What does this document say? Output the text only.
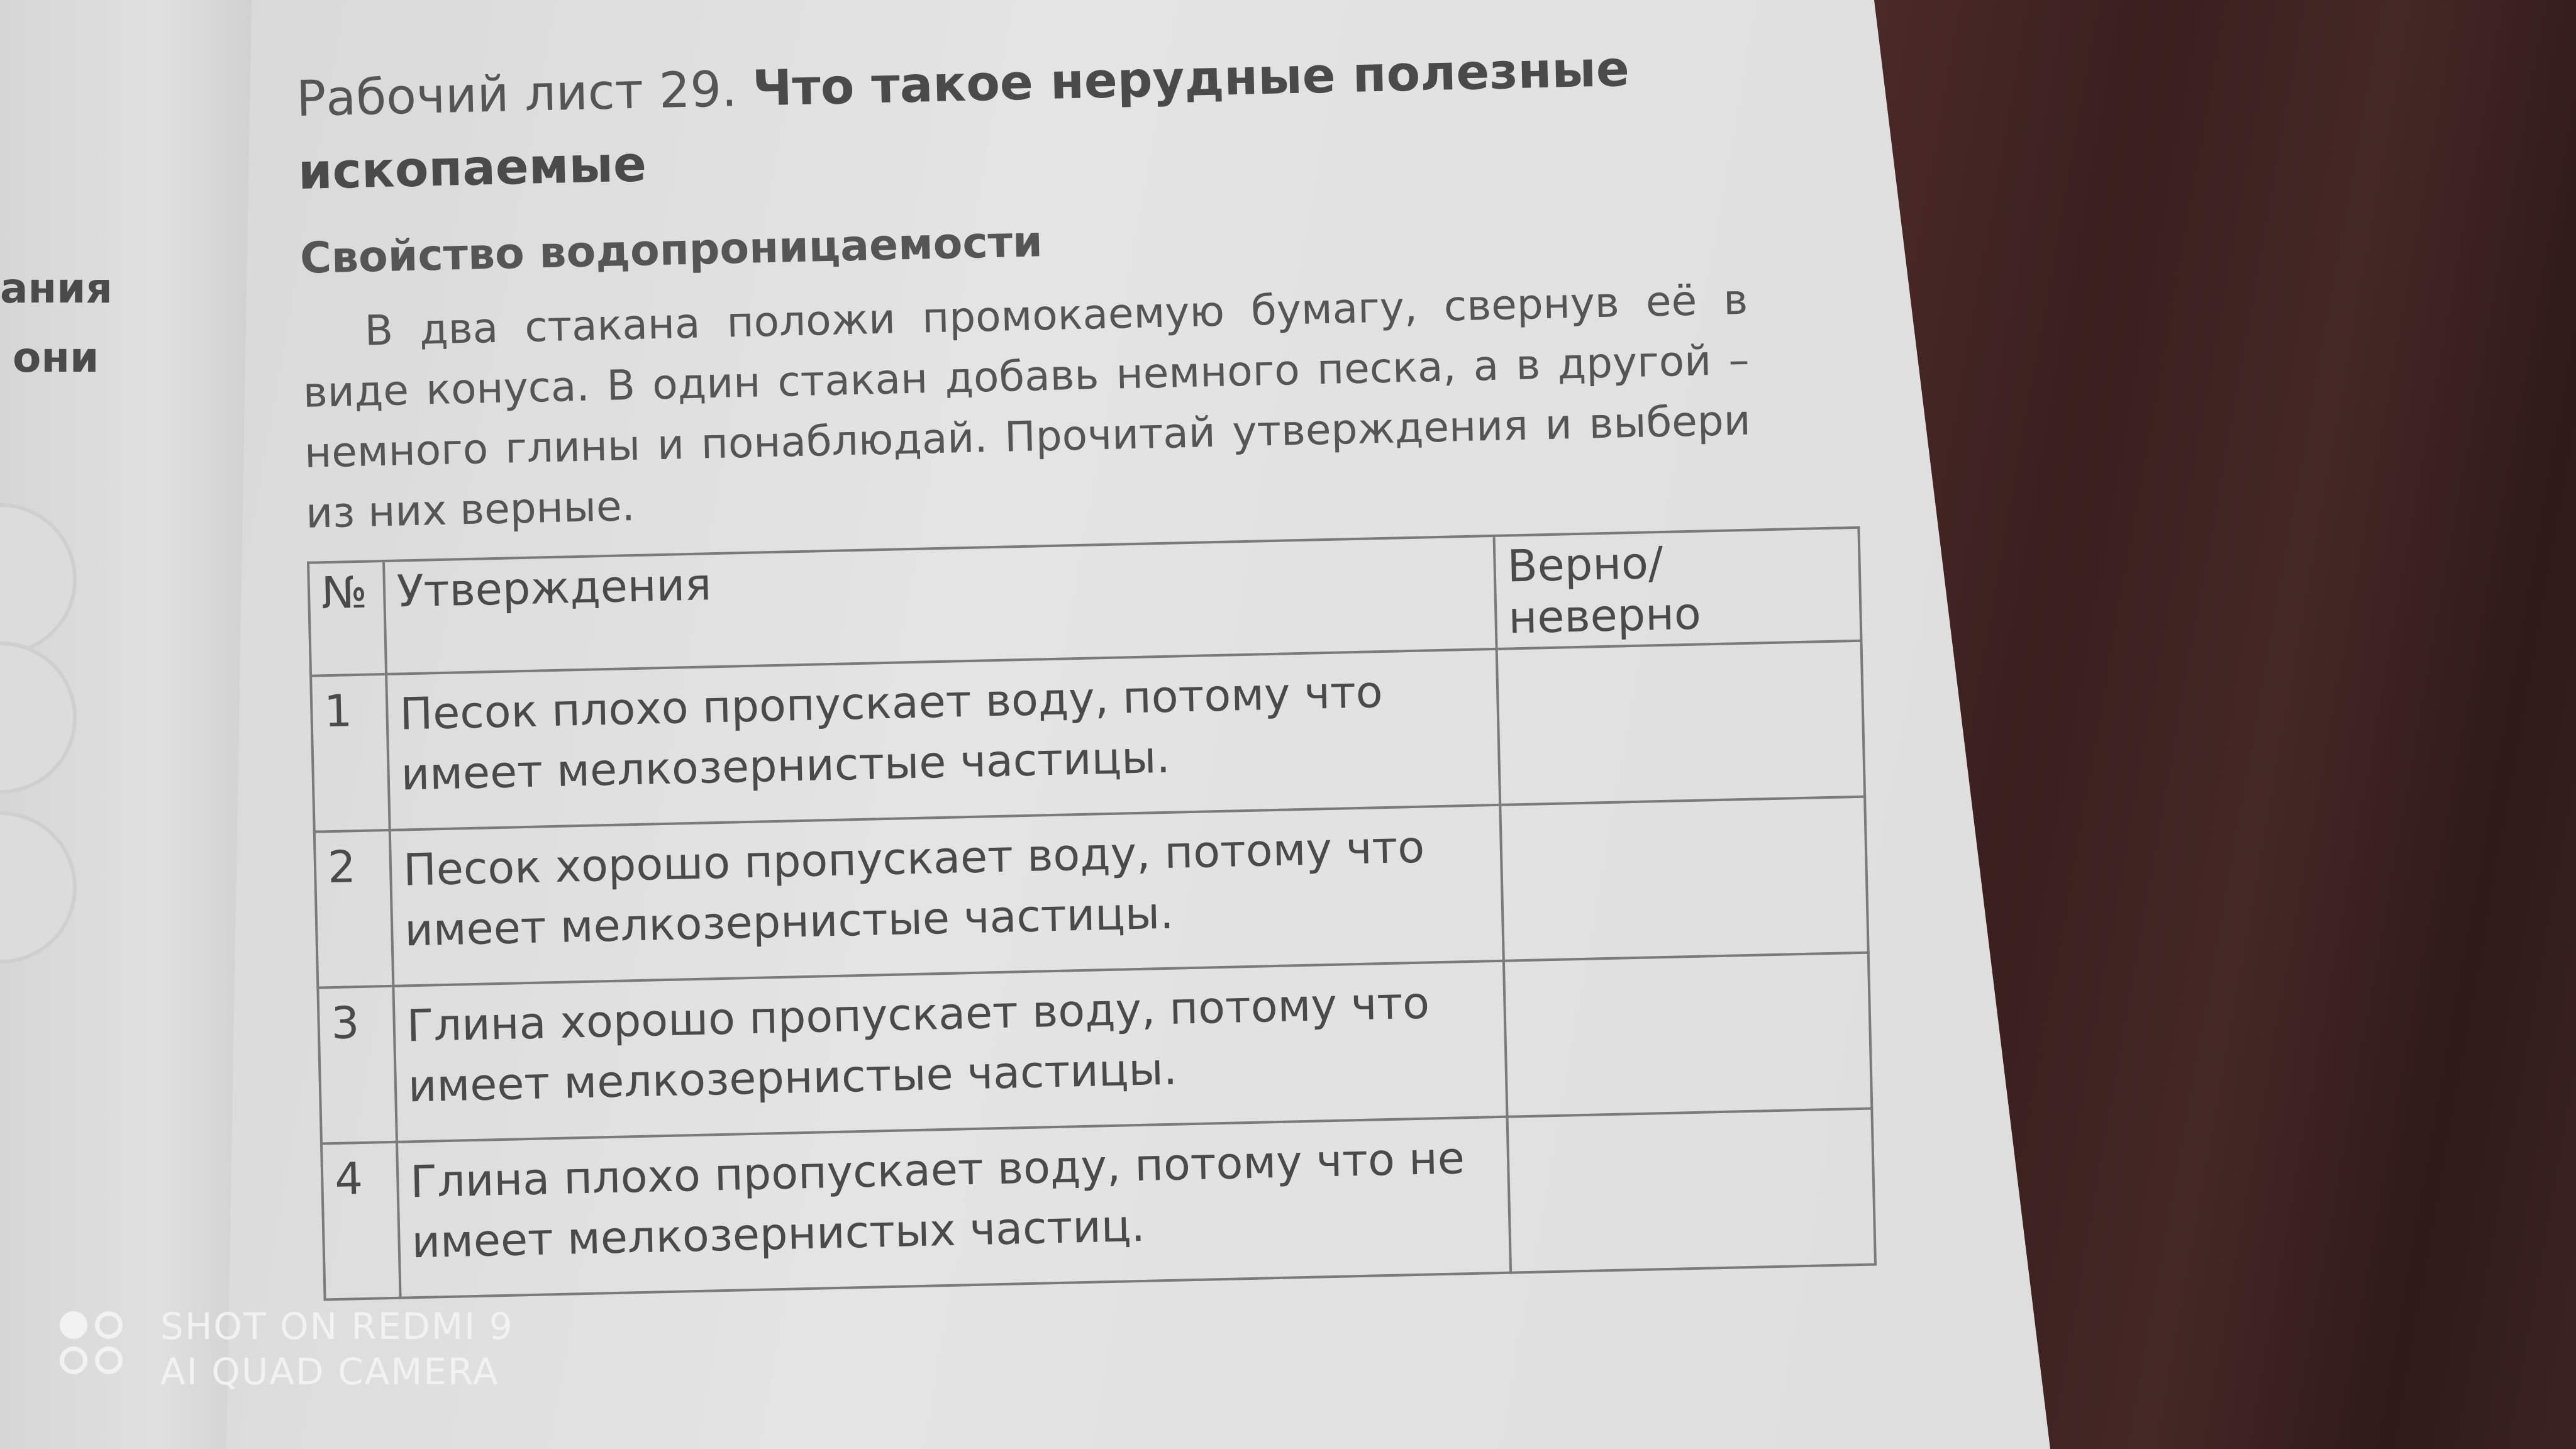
ания
они
Рабочий лист 29. Что такое нерудные полезные ископаемые
Свойство водопроницаемости

В два стакана положи промокаемую бумагу, свернув её в виде конуса. В один стакан добавь немного песка, а в другой – немного глины и понаблюдай. Прочитай утверждения и выбери из них верные.

№	Утверждения	Верно/неверно
1	Песок плохо пропускает воду, потому что имеет мелкозернистые частицы.	
2	Песок хорошо пропускает воду, потому что имеет мелкозернистые частицы.	
3	Глина хорошо пропускает воду, потому что имеет мелкозернистые частицы.	
4	Глина плохо пропускает воду, потому что не имеет мелкозернистых частиц.	
SHOT ON REDMI 9
AI QUAD CAMERA
